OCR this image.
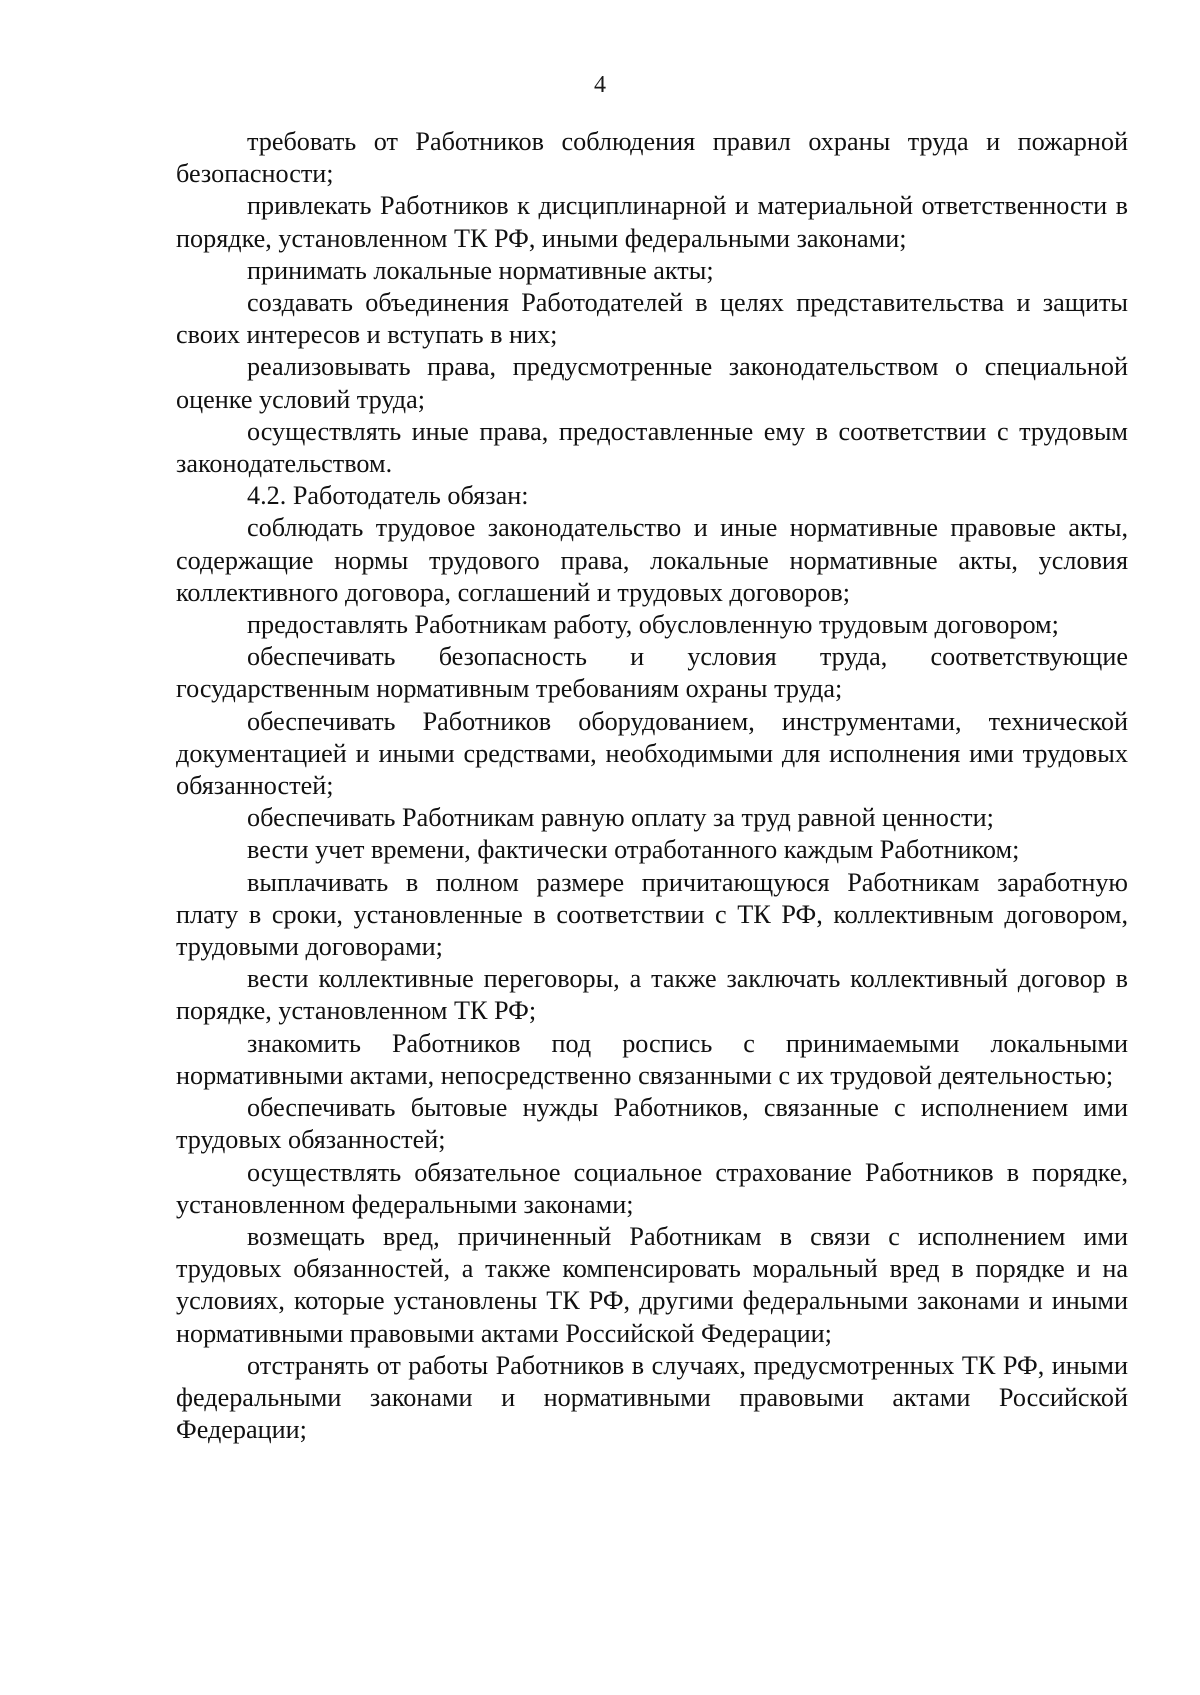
4

требовать от Работников соблюдения правил охраны труда и пожарной безопасности;

привлекать Работников к дисциплинарной и материальной ответственности в порядке, установленном ТК РФ, иными федеральными законами;

принимать локальные нормативные акты;

создавать объединения Работодателей в целях представительства и защиты своих интересов и вступать в них;

реализовывать права, предусмотренные законодательством о специальной оценке условий труда;

осуществлять иные права, предоставленные ему в соответствии с трудовым законодательством.

4.2. Работодатель обязан:

соблюдать трудовое законодательство и иные нормативные правовые акты, содержащие нормы трудового права, локальные нормативные акты, условия коллективного договора, соглашений и трудовых договоров;

предоставлять Работникам работу, обусловленную трудовым договором;

обеспечивать безопасность и условия труда, соответствующие государственным нормативным требованиям охраны труда;

обеспечивать Работников оборудованием, инструментами, технической документацией и иными средствами, необходимыми для исполнения ими трудовых обязанностей;

обеспечивать Работникам равную оплату за труд равной ценности;

вести учет времени, фактически отработанного каждым Работником;

выплачивать в полном размере причитающуюся Работникам заработную плату в сроки, установленные в соответствии с ТК РФ, коллективным договором, трудовыми договорами;

вести коллективные переговоры, а также заключать коллективный договор в порядке, установленном ТК РФ;

знакомить Работников под роспись с принимаемыми локальными нормативными актами, непосредственно связанными с их трудовой деятельностью;

обеспечивать бытовые нужды Работников, связанные с исполнением ими трудовых обязанностей;

осуществлять обязательное социальное страхование Работников в порядке, установленном федеральными законами;

возмещать вред, причиненный Работникам в связи с исполнением ими трудовых обязанностей, а также компенсировать моральный вред в порядке и на условиях, которые установлены ТК РФ, другими федеральными законами и иными нормативными правовыми актами Российской Федерации;

отстранять от работы Работников в случаях, предусмотренных ТК РФ, иными федеральными законами и нормативными правовыми актами Российской Федерации;
